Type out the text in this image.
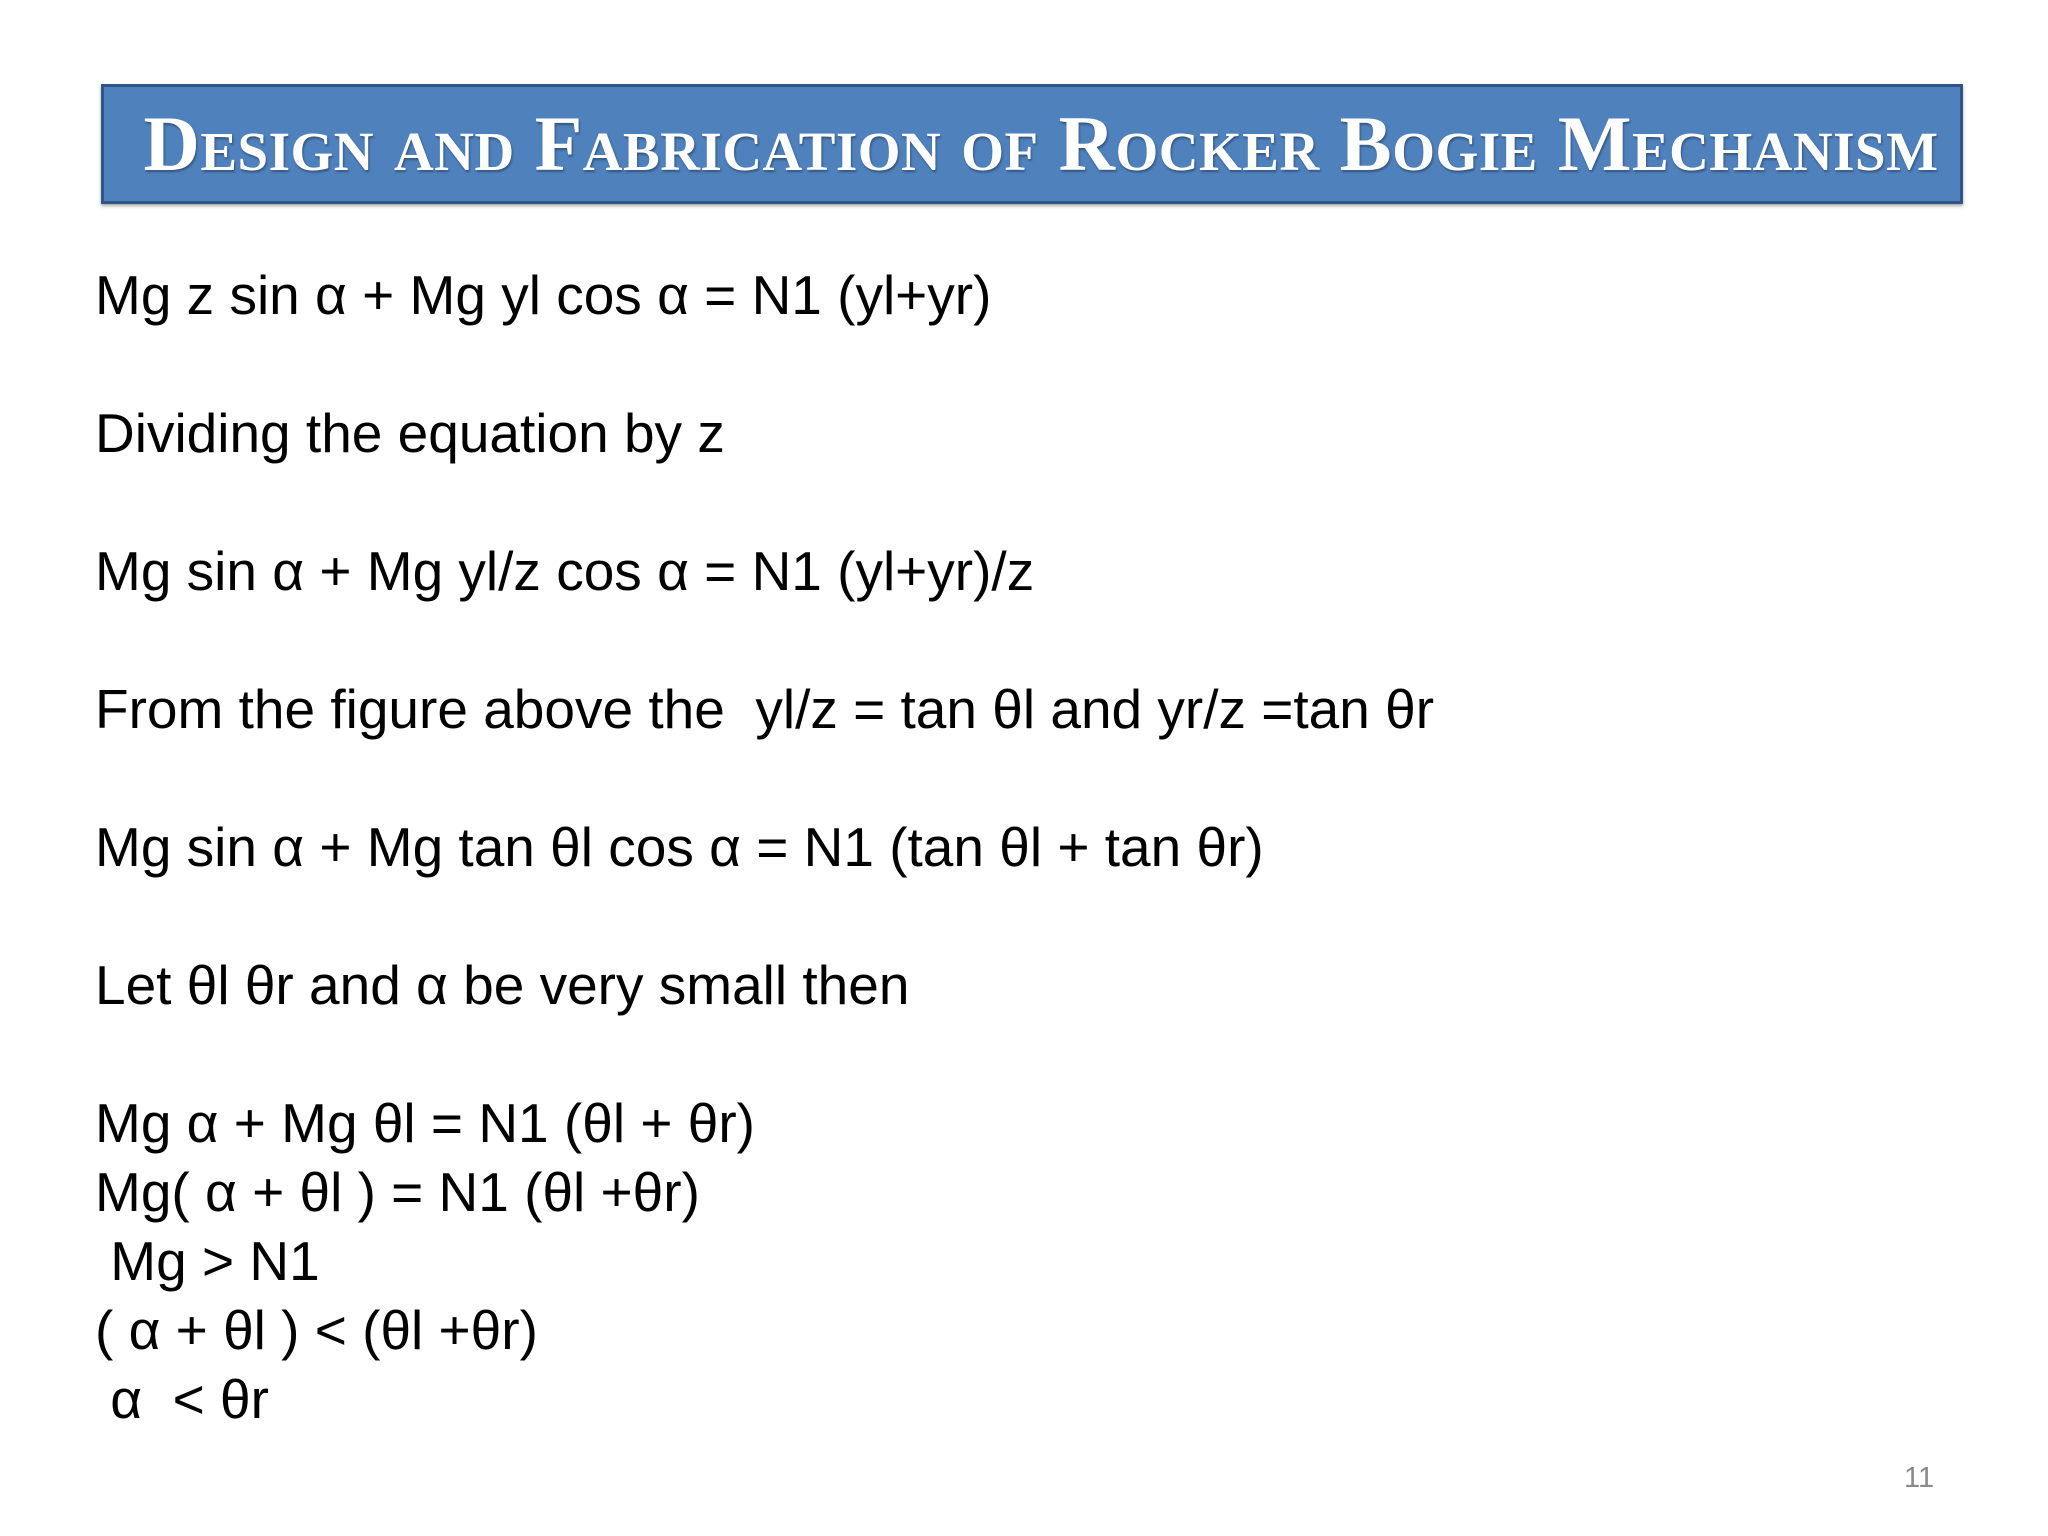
Design and Fabrication of Rocker Bogie Mechanism
Mg z sin α + Mg yl cos α = N1 (yl+yr)
Dividing the equation by z
Mg sin α + Mg yl/z cos α = N1 (yl+yr)/z
From the figure above the  yl/z = tan θl and yr/z =tan θr
Mg sin α + Mg tan θl cos α = N1 (tan θl + tan θr)
Let θl θr and α be very small then
Mg α + Mg θl = N1 (θl + θr)
Mg( α + θl ) = N1 (θl +θr)
Mg > N1
( α + θl ) < (θl +θr)
α  < θr
11
